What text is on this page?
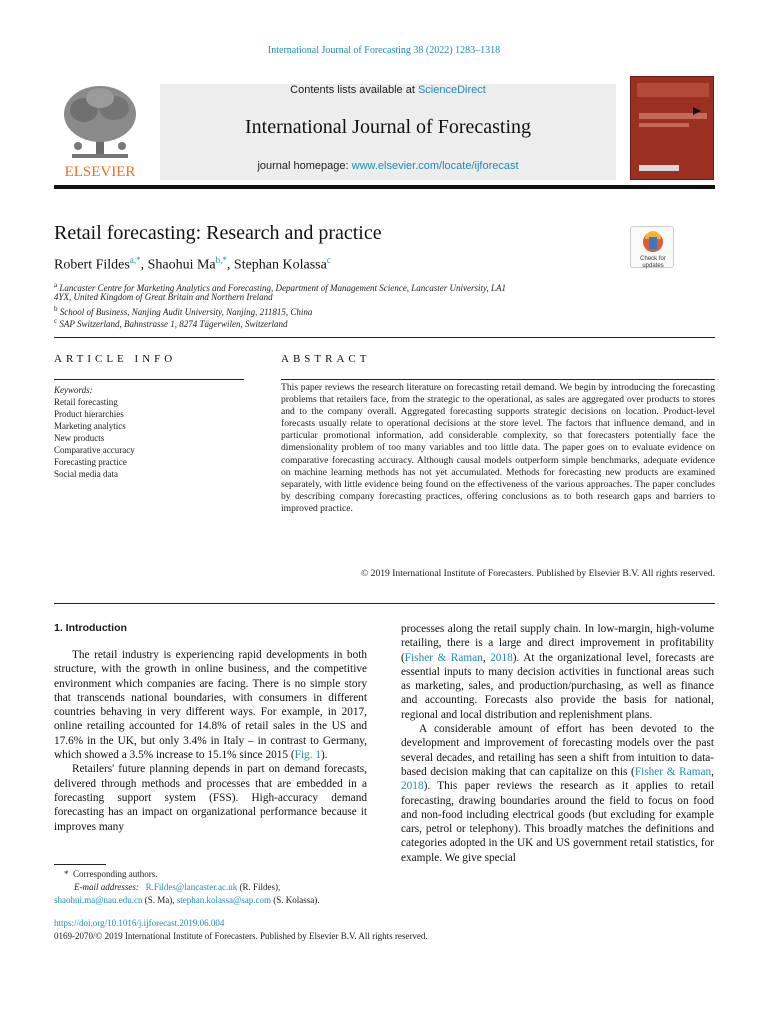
International Journal of Forecasting 38 (2022) 1283–1318
ELSEVIER
Contents lists available at ScienceDirect
International Journal of Forecasting
journal homepage: www.elsevier.com/locate/ijforecast
Retail forecasting: Research and practice
Check for
updates
Robert Fildes$^{a,*}$, Shaohui $Ma^{b,*}$, Stephan Kolassa$^c$
$^a$ Lancaster Centre for Marketing Analytics and Forecasting, Department of Management Science, Lancaster University, LA1
4YX, United Kingdom of Great Britain and Northern Ireland
$^b$ School of Business, Nanjing Audit University, Nanjing, 211815, China
$^c$ SAP Switzerland, Bahnstrasse 1, 8274 Tägerwilen, Switzerland
ARTICLE INFO	ABSTRACT
Keywords:
Retail forecasting
Product hierarchies
Marketing analytics
New products
Comparative accuracy
Forecasting practice
Social media data
This paper reviews the research literature on forecasting retail demand. We begin by introducing the forecasting problems that retailers face, from the strategic to the operational, as sales are aggregated over products to stores and to the company overall. Aggregated forecasting supports strategic decisions on location. Product-level forecasts usually relate to operational decisions at the store level. The factors that influence demand, and in particular promotional information, add considerable complexity, so that forecasters potentially face the dimensionality problem of too many variables and too little data. The paper goes on to evaluate evidence on comparative forecasting accuracy. Although causal models outperform simple benchmarks, adequate evidence on machine learning methods has not yet accumulated. Methods for forecasting new products are examined separately, with little evidence being found on the effectiveness of the various approaches. The paper concludes by describing company forecasting practices, offering conclusions as to both research gaps and barriers to improved practice.
© 2019 International Institute of Forecasters. Published by Elsevier B.V. All rights reserved.
1. Introduction

The retail industry is experiencing rapid developments in both structure, with the growth in online business, and the competitive environment which companies are facing. There is no simple story that transcends national boundaries, with consumers in different countries behaving in very different ways. For example, in 2017, online retailing accounted for 14.8% of retail sales in the US and 17.6% in the UK, but only 3.4% in Italy – in contrast to Germany, which showed a 3.5% increase to 15.1% since 2015 (Fig. 1).

Retailers' future planning depends in part on demand forecasts, delivered through methods and processes that are embedded in a forecasting support system (FSS). High-accuracy demand forecasting has an impact on organizational performance because it improves many

processes along the retail supply chain. In low-margin, high-volume retailing, there is a large and direct improvement in profitability (Fisher & Raman, 2018). At the organizational level, forecasts are essential inputs to many decision activities in functional areas such as marketing, sales, and production/purchasing, as well as finance and accounting. Forecasts also provide the basis for national, regional and local distribution and replenishment plans.

A considerable amount of effort has been devoted to the development and improvement of forecasting models over the past several decades, and retailing has seen a shift from intuition to data-based decision making that can capitalize on this (Fisher & Raman, 2018). This paper reviews the research as it applies to retail forecasting, drawing boundaries around the field to focus on food and non-food including electrical goods (but excluding for example cars, petrol or telephony). This broadly matches the definitions and categories adopted in the UK and US government retail statistics, for example. We give special

* Corresponding authors.
E-mail addresses: R.Fildes@lancaster.ac.uk (R. Fildes),
shaohui.ma@nau.edu.cn (S. Ma), stephan.kolassa@sap.com (S. Kolassa).
https://doi.org/10.1016/j.ijforecast.2019.06.004
0169-2070/© 2019 International Institute of Forecasters. Published by Elsevier B.V. All rights reserved.
